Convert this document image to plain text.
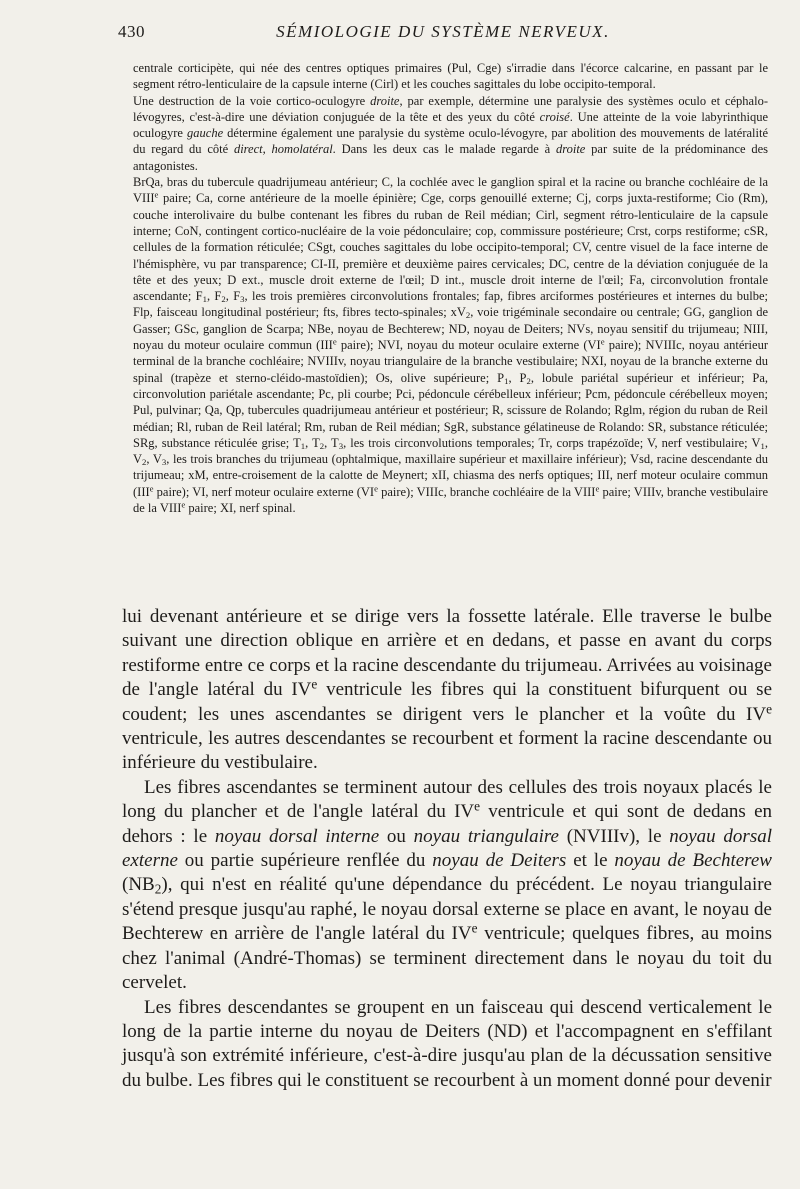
430	SÉMIOLOGIE DU SYSTÈME NERVEUX.

centrale corticipète, qui née des centres optiques primaires (Pul, Cge) s'irradie dans l'écorce calcarine, en passant par le segment rétro-lenticulaire de la capsule interne (Cirl) et les couches sagittales du lobe occipito-temporal.

Une destruction de la voie cortico-oculogyre droite, par exemple, détermine une paralysie des systèmes oculo et céphalo-lévogyres, c'est-à-dire une déviation conjuguée de la tête et des yeux du côté croisé. Une atteinte de la voie labyrinthique oculogyre gauche détermine également une paralysie du système oculo-lévogyre, par abolition des mouvements de latéralité du regard du côté direct, homolatéral. Dans les deux cas le malade regarde à droite par suite de la prédominance des antagonistes.

BrQa, bras du tubercule quadrijumeau antérieur; C, la cochlée avec le ganglion spiral et la racine ou branche cochléaire de la VIIIe paire; Ca, corne antérieure de la moelle épinière; Cge, corps genouillé externe; Cj, corps juxta-restiforme; Cio (Rm), couche interolivaire du bulbe contenant les fibres du ruban de Reil médian; Cirl, segment rétro-lenticulaire de la capsule interne; CoN, contingent cortico-nucléaire de la voie pédonculaire; cop, commissure postérieure; Crst, corps restiforme; cSR, cellules de la formation réticulée; CSgt, couches sagittales du lobe occipito-temporal; CV, centre visuel de la face interne de l'hémisphère, vu par transparence; CI-II, première et deuxième paires cervicales; DC, centre de la déviation conjuguée de la tête et des yeux; D ext., muscle droit externe de l'œil; D int., muscle droit interne de l'œil; Fa, circonvolution frontale ascendante; $F_1$, $F_2$, $F_3$, les trois premières circonvolutions frontales; fap, fibres arciformes postérieures et internes du bulbe; Flp, faisceau longitudinal postérieur; fts, fibres tecto-spinales; $xV_2$, voie trigéminale secondaire ou centrale; GG, ganglion de Gasser; GSc, ganglion de Scarpa; NBe, noyau de Bechterew; ND, noyau de Deiters; NVs, noyau sensitif du trijumeau; NIII, noyau du moteur oculaire commun (IIIe paire); NVI, noyau du moteur oculaire externe (VIe paire); NVIIIc, noyau antérieur terminal de la branche cochléaire; NVIIIv, noyau triangulaire de la branche vestibulaire; NXI, noyau de la branche externe du spinal (trapèze et sterno-cléido-mastoïdien); Os, olive supérieure; $P_1$, $P_2$, lobule pariétal supérieur et inférieur; Pa, circonvolution pariétale ascendante; Pc, pli courbe; Pci, pédoncule cérébelleux inférieur; Pcm, pédoncule cérébelleux moyen; Pul, pulvinar; Qa, Qp, tubercules quadrijumeau antérieur et postérieur; R, scissure de Rolando; Rglm, région du ruban de Reil médian; Rl, ruban de Reil latéral; Rm, ruban de Reil médian; SgR, substance gélatineuse de Rolando: SR, substance réticulée; SRg, substance réticulée grise; $T_1$, $T_2$, $T_3$, les trois circonvolutions temporales; Tr, corps trapézoïde; V, nerf vestibulaire; $V_1$, $V_2$, $V_3$, les trois branches du trijumeau (ophtalmique, maxillaire supérieur et maxillaire inférieur); Vsd, racine descendante du trijumeau; xM, entre-croisement de la calotte de Meynert; xII, chiasma des nerfs optiques; III, nerf moteur oculaire commun (IIIe paire); VI, nerf moteur oculaire externe (VIe paire); VIIIc, branche cochléaire de la VIIIe paire; VIIIv, branche vestibulaire de la VIIIe paire; XI, nerf spinal.

lui devenant antérieure et se dirige vers la fossette latérale. Elle traverse le bulbe suivant une direction oblique en arrière et en dedans, et passe en avant du corps restiforme entre ce corps et la racine descendante du trijumeau. Arrivées au voisinage de l'angle latéral du IVe ventricule les fibres qui la constituent bifurquent ou se coudent; les unes ascendantes se dirigent vers le plancher et la voûte du IVe ventricule, les autres descendantes se recourbent et forment la racine descendante ou inférieure du vestibulaire.

Les fibres ascendantes se terminent autour des cellules des trois noyaux placés le long du plancher et de l'angle latéral du IVe ventricule et qui sont de dedans en dehors : le noyau dorsal interne ou noyau triangulaire (NVIIIv), le noyau dorsal externe ou partie supérieure renflée du noyau de Deiters et le noyau de Bechterew $(NB_2)$, qui n'est en réalité qu'une dépendance du précédent. Le noyau triangulaire s'étend presque jusqu'au raphé, le noyau dorsal externe se place en avant, le noyau de Bechterew en arrière de l'angle latéral du IVe ventricule; quelques fibres, au moins chez l'animal (André-Thomas) se terminent directement dans le noyau du toit du cervelet.

Les fibres descendantes se groupent en un faisceau qui descend verticalement le long de la partie interne du noyau de Deiters (ND) et l'accompagnent en s'effilant jusqu'à son extrémité inférieure, c'est-à-dire jusqu'au plan de la décussation sensitive du bulbe. Les fibres qui le constituent se recourbent à un moment donné pour devenir
